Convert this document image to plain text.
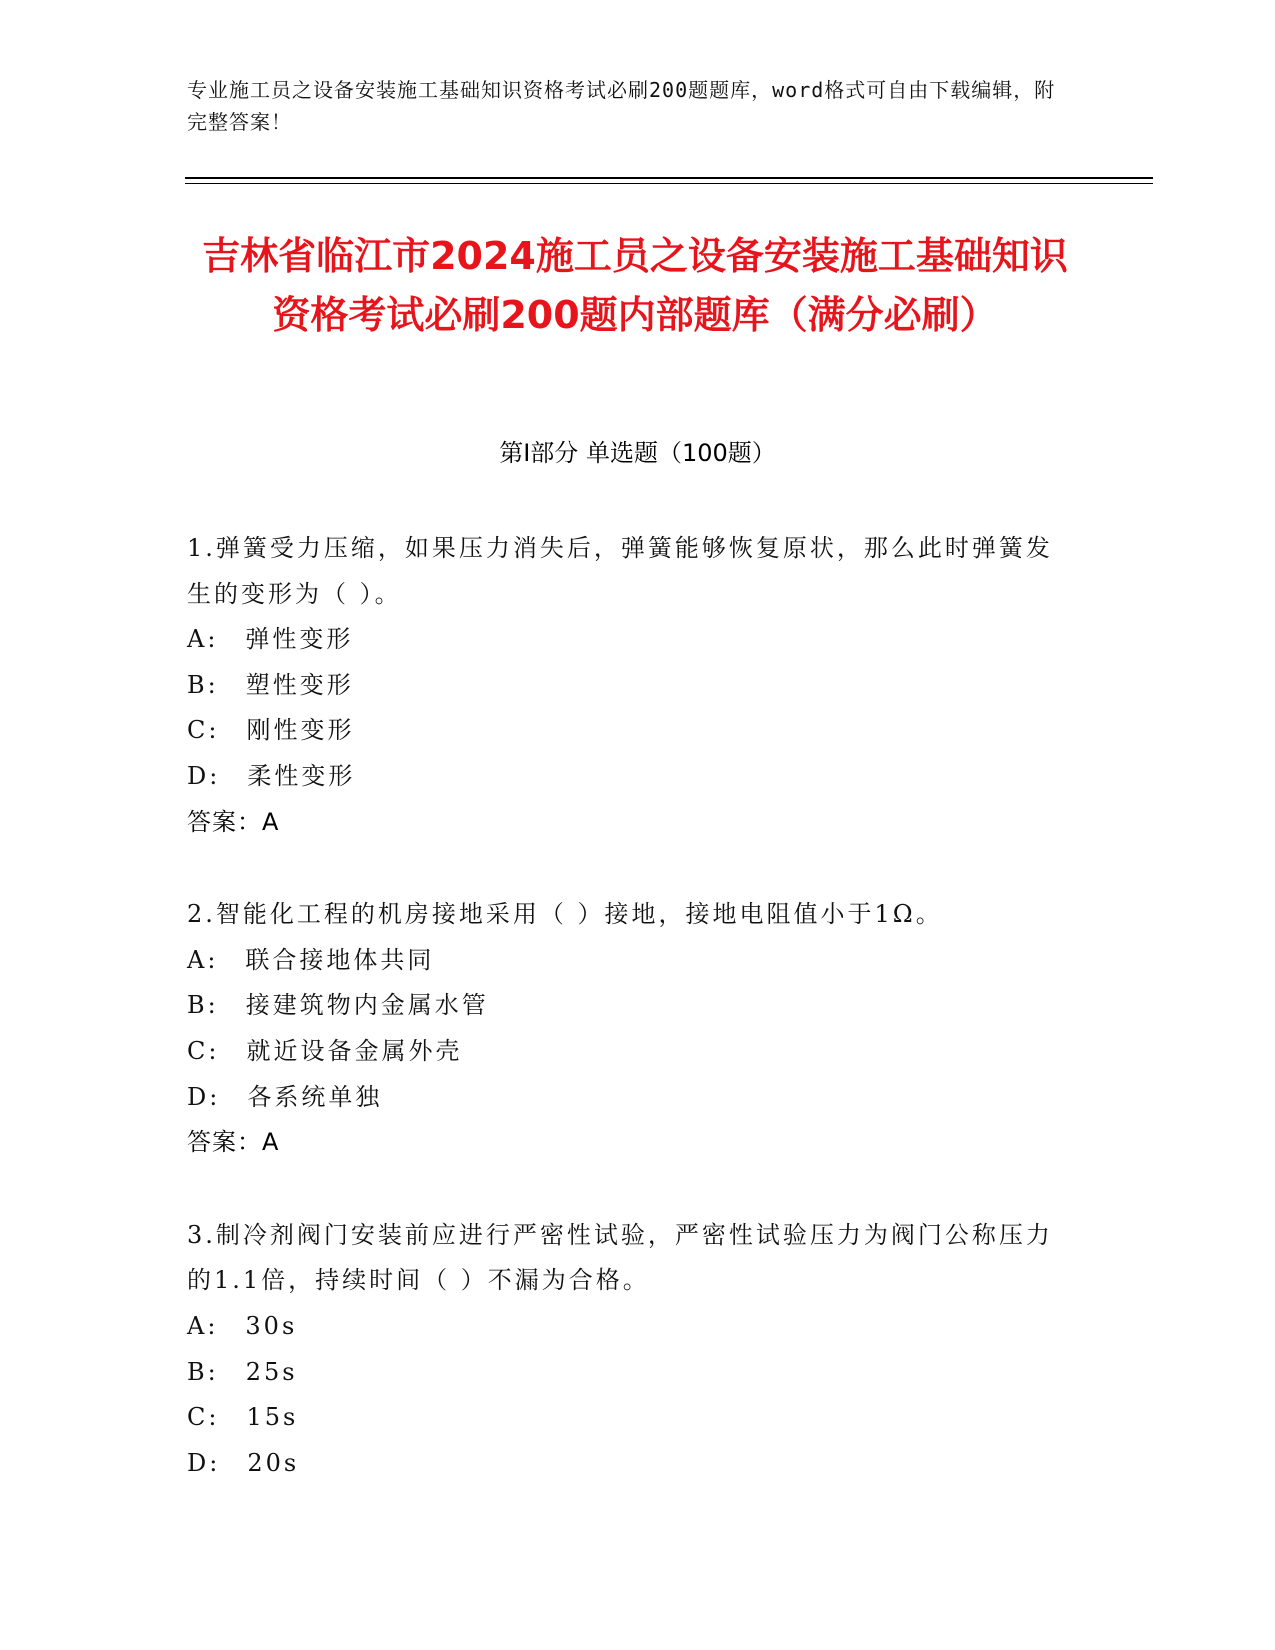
专业施工员之设备安装施工基础知识资格考试必刷200题题库，word格式可自由下载编辑，附完整答案！
吉林省临江市2024施工员之设备安装施工基础知识资格考试必刷200题内部题库（满分必刷）
第Ⅰ部分 单选题（100题）
1.弹簧受力压缩，如果压力消失后，弹簧能够恢复原状，那么此时弹簧发生的变形为（ ）。
A:　弹性变形
B:　塑性变形
C:　刚性变形
D:　柔性变形
答案：A
2.智能化工程的机房接地采用（ ）接地，接地电阻值小于1Ω。
A:　联合接地体共同
B:　接建筑物内金属水管
C:　就近设备金属外壳
D:　各系统单独
答案：A
3.制冷剂阀门安装前应进行严密性试验，严密性试验压力为阀门公称压力的1.1倍，持续时间（ ）不漏为合格。
A:　30s
B:　25s
C:　15s
D:　20s
